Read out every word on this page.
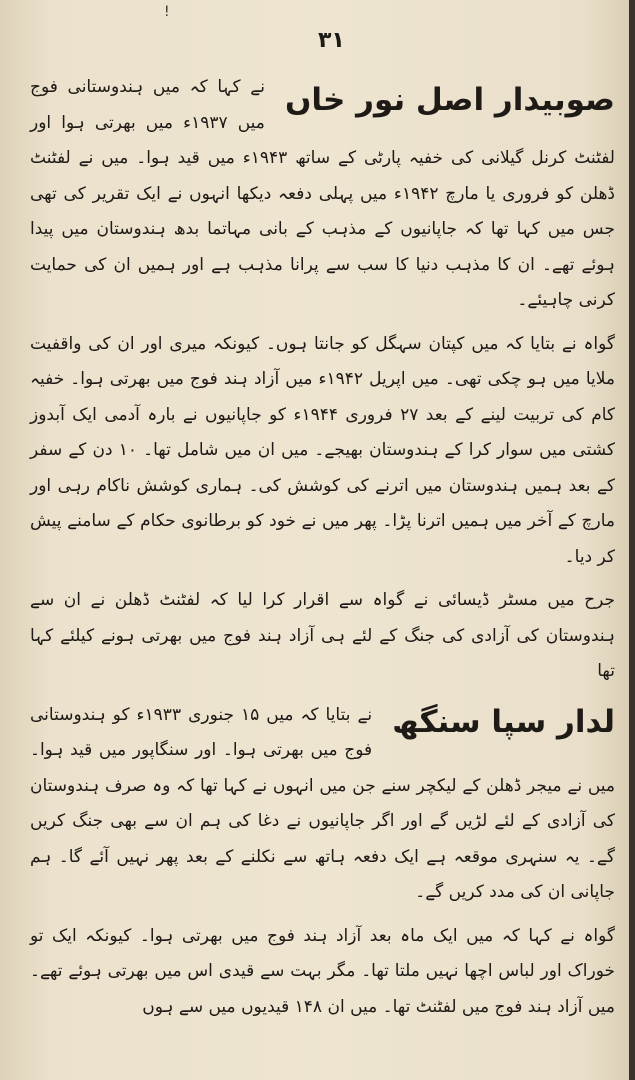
!
۳۱

صوبیدار اصل نور خاں
نے کہا کہ میں ہندوستانی فوج میں ۱۹۳۷ء میں بھرتی ہوا اور لفٹنٹ کرنل گیلانی کی خفیہ پارٹی کے ساتھ ۱۹۴۳ء میں قید ہوا۔ میں نے لفٹنٹ ڈھلن کو فروری یا مارچ ۱۹۴۲ء میں پہلی دفعہ دیکھا انہوں نے ایک تقریر کی تھی جس میں کہا تھا کہ جاپانیوں کے مذہب کے بانی مہاتما بدھ ہندوستان میں پیدا ہوئے تھے۔ ان کا مذہب دنیا کا سب سے پرانا مذہب ہے اور ہمیں ان کی حمایت کرنی چاہیئے۔

گواہ نے بتایا کہ میں کپتان سہگل کو جانتا ہوں۔ کیونکہ میری اور ان کی واقفیت ملایا میں ہو چکی تھی۔ میں اپریل ۱۹۴۲ء میں آزاد ہند فوج میں بھرتی ہوا۔ خفیہ کام کی تربیت لینے کے بعد ۲۷ فروری ۱۹۴۴ء کو جاپانیوں نے بارہ آدمی ایک آبدوز کشتی میں سوار کرا کے ہندوستان بھیجے۔ میں ان میں شامل تھا۔ ۱۰ دن کے سفر کے بعد ہمیں ہندوستان میں اترنے کی کوشش کی۔ ہماری کوشش ناکام رہی اور مارچ کے آخر میں ہمیں اترنا پڑا۔ پھر میں نے خود کو برطانوی حکام کے سامنے پیش کر دیا۔

جرح میں مسٹر ڈیسائی نے گواہ سے اقرار کرا لیا کہ لفٹنٹ ڈھلن نے ان سے ہندوستان کی آزادی کی جنگ کے لئے ہی آزاد ہند فوج میں بھرتی ہونے کیلئے کہا تھا

لدار سپا سنگھ
نے بتایا کہ میں ۱۵ جنوری ۱۹۳۳ء کو ہندوستانی فوج میں بھرتی ہوا۔ اور سنگاپور میں قید ہوا۔ میں نے میجر ڈھلن کے لیکچر سنے جن میں انہوں نے کہا تھا کہ وہ صرف ہندوستان کی آزادی کے لئے لڑیں گے اور اگر جاپانیوں نے دغا کی ہم ان سے بھی جنگ کریں گے۔ یہ سنہری موقعہ ہے ایک دفعہ ہاتھ سے نکلنے کے بعد پھر نہیں آئے گا۔ ہم جاپانی ان کی مدد کریں گے۔

گواہ نے کہا کہ میں ایک ماہ بعد آزاد ہند فوج میں بھرتی ہوا۔ کیونکہ ایک تو خوراک اور لباس اچھا نہیں ملتا تھا۔ مگر بہت سے قیدی اس میں بھرتی ہوئے تھے۔ میں آزاد ہند فوج میں لفٹنٹ تھا۔ میں ان ۱۴۸ قیدیوں میں سے ہوں
